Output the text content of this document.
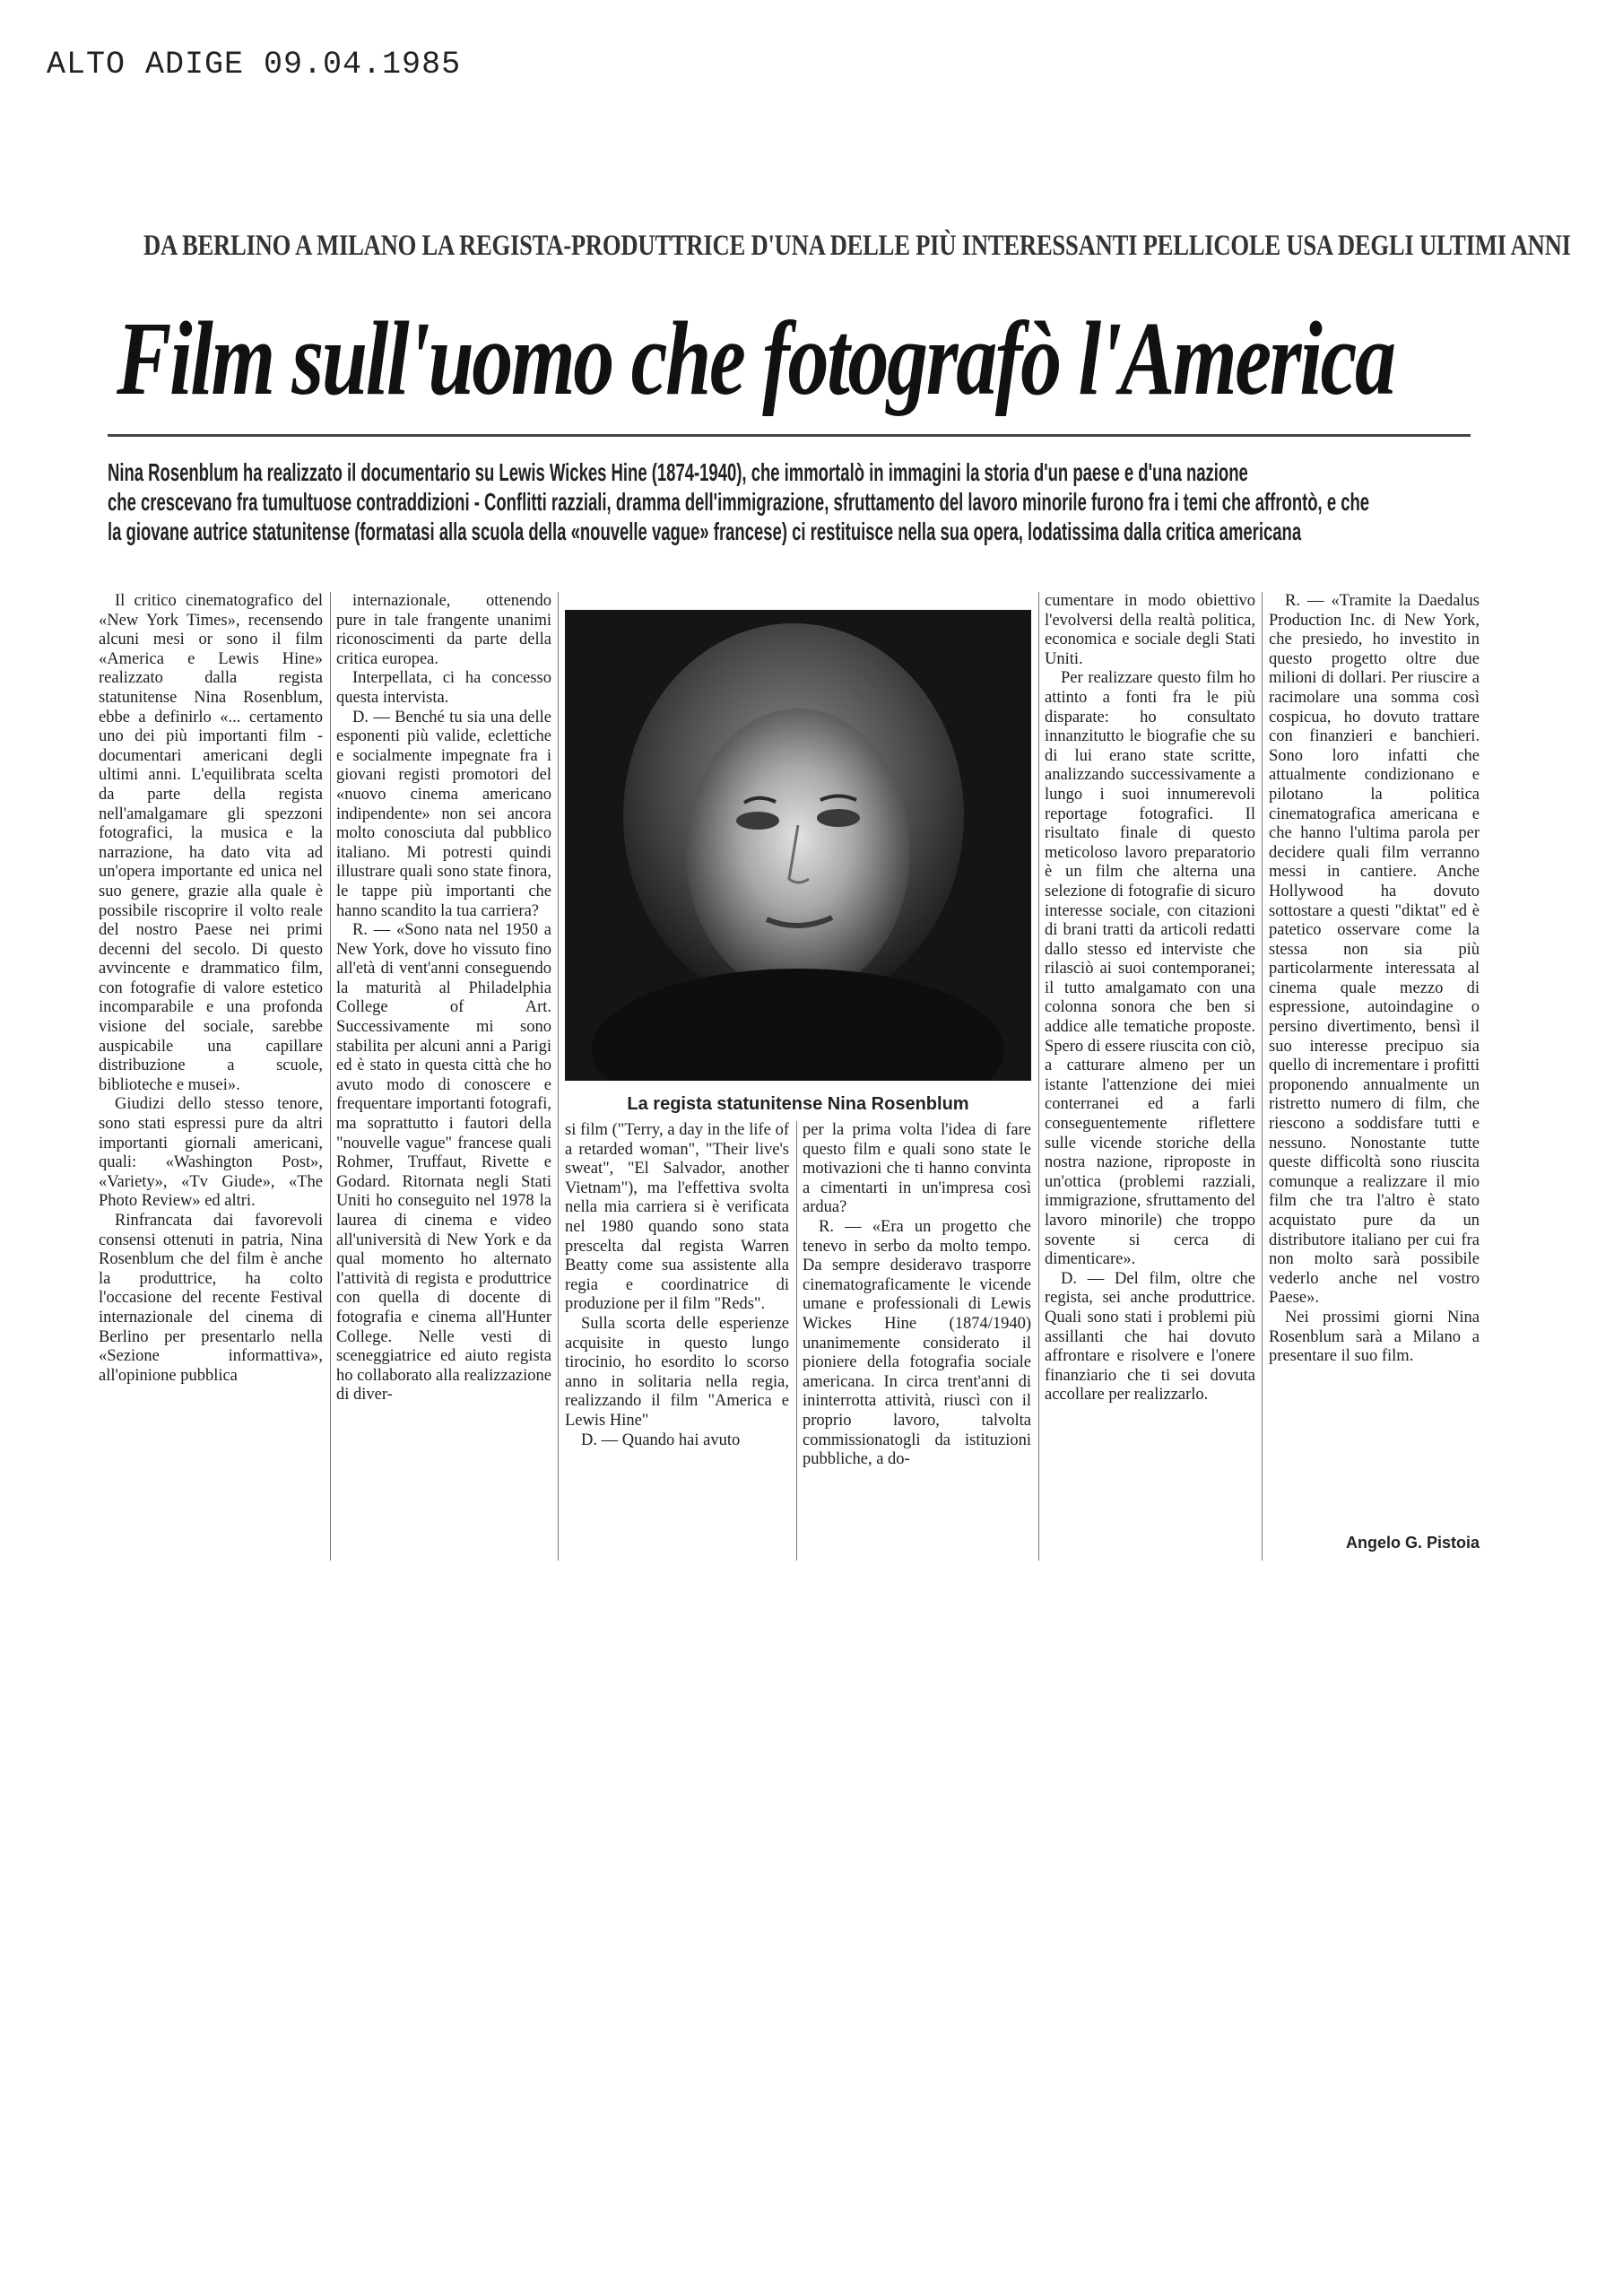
ALTO ADIGE 09.04.1985
DA BERLINO A MILANO LA REGISTA-PRODUTTRICE D'UNA DELLE PIÙ INTERESSANTI PELLICOLE USA DEGLI ULTIMI ANNI
Film sull'uomo che fotografò l'America
Nina Rosenblum ha realizzato il documentario su Lewis Wickes Hine (1874-1940), che immortalò in immagini la storia d'un paese e d'una nazione
che crescevano fra tumultuose contraddizioni - Conflitti razziali, dramma dell'immigrazione, sfruttamento del lavoro minorile furono fra i temi che affrontò, e che
la giovane autrice statunitense (formatasi alla scuola della «nouvelle vague» francese) ci restituisce nella sua opera, lodatissima dalla critica americana

Il critico cinematografico del «New York Times», recensendo alcuni mesi or sono il film «America e Lewis Hine» realizzato dalla regista statunitense Nina Rosenblum, ebbe a definirlo «... certamento uno dei più importanti film - documentari americani degli ultimi anni. L'equilibrata scelta da parte della regista nell'amalgamare gli spezzoni fotografici, la musica e la narrazione, ha dato vita ad un'opera importante ed unica nel suo genere, grazie alla quale è possibile riscoprire il volto reale del nostro Paese nei primi decenni del secolo. Di questo avvincente e drammatico film, con fotografie di valore estetico incomparabile e una profonda visione del sociale, sarebbe auspicabile una capillare distribuzione a scuole, biblioteche e musei».

Giudizi dello stesso tenore, sono stati espressi pure da altri importanti giornali americani, quali: «Washington Post», «Variety», «Tv Giude», «The Photo Review» ed altri.

Rinfrancata dai favorevoli consensi ottenuti in patria, Nina Rosenblum che del film è anche la produttrice, ha colto l'occasione del recente Festival internazionale del cinema di Berlino per presentarlo nella «Sezione informattiva», all'opinione pubblica

internazionale, ottenendo pure in tale frangente unanimi riconoscimenti da parte della critica europea.

Interpellata, ci ha concesso questa intervista.

D. — Benché tu sia una delle esponenti più valide, eclettiche e socialmente impegnate fra i giovani registi promotori del «nuovo cinema americano indipendente» non sei ancora molto conosciuta dal pubblico italiano. Mi potresti quindi illustrare quali sono state finora, le tappe più importanti che hanno scandito la tua carriera?

R. — «Sono nata nel 1950 a New York, dove ho vissuto fino all'età di vent'anni conseguendo la maturità al Philadelphia College of Art. Successivamente mi sono stabilita per alcuni anni a Parigi ed è stato in questa città che ho avuto modo di conoscere e frequentare importanti fotografi, ma soprattutto i fautori della "nouvelle vague" francese quali Rohmer, Truffaut, Rivette e Godard. Ritornata negli Stati Uniti ho conseguito nel 1978 la laurea di cinema e video all'università di New York e da qual momento ho alternato l'attività di regista e produttrice con quella di docente di fotografia e cinema all'Hunter College. Nelle vesti di sceneggiatrice ed aiuto regista ho collaborato alla realizzazione di diver-

La regista statunitense Nina Rosenblum

si film ("Terry, a day in the life of a retarded woman", "Their live's sweat", "El Salvador, another Vietnam"), ma l'effettiva svolta nella mia carriera si è verificata nel 1980 quando sono stata prescelta dal regista Warren Beatty come sua assistente alla regia e coordinatrice di produzione per il film "Reds".

Sulla scorta delle esperienze acquisite in questo lungo tirocinio, ho esordito lo scorso anno in solitaria nella regia, realizzando il film "America e Lewis Hine"

D. — Quando hai avuto

per la prima volta l'idea di fare questo film e quali sono state le motivazioni che ti hanno convinta a cimentarti in un'impresa così ardua?

R. — «Era un progetto che tenevo in serbo da molto tempo. Da sempre desideravo trasporre cinematograficamente le vicende umane e professionali di Lewis Wickes Hine (1874/1940) unanimemente considerato il pioniere della fotografia sociale americana. In circa trent'anni di ininterrotta attività, riuscì con il proprio lavoro, talvolta commissionatogli da istituzioni pubbliche, a do-

cumentare in modo obiettivo l'evolversi della realtà politica, economica e sociale degli Stati Uniti.

Per realizzare questo film ho attinto a fonti fra le più disparate: ho consultato innanzitutto le biografie che su di lui erano state scritte, analizzando successivamente a lungo i suoi innumerevoli reportage fotografici. Il risultato finale di questo meticoloso lavoro preparatorio è un film che alterna una selezione di fotografie di sicuro interesse sociale, con citazioni di brani tratti da articoli redatti dallo stesso ed interviste che rilasciò ai suoi contemporanei; il tutto amalgamato con una colonna sonora che ben si addice alle tematiche proposte. Spero di essere riuscita con ciò, a catturare almeno per un istante l'attenzione dei miei conterranei ed a farli conseguentemente riflettere sulle vicende storiche della nostra nazione, riproposte in un'ottica (problemi razziali, immigrazione, sfruttamento del lavoro minorile) che troppo sovente si cerca di dimenticare».

D. — Del film, oltre che regista, sei anche produttrice. Quali sono stati i problemi più assillanti che hai dovuto affrontare e risolvere e l'onere finanziario che ti sei dovuta accollare per realizzarlo.

R. — «Tramite la Daedalus Production Inc. di New York, che presiedo, ho investito in questo progetto oltre due milioni di dollari. Per riuscire a racimolare una somma così cospicua, ho dovuto trattare con finanzieri e banchieri. Sono loro infatti che attualmente condizionano e pilotano la politica cinematografica americana e che hanno l'ultima parola per decidere quali film verranno messi in cantiere. Anche Hollywood ha dovuto sottostare a questi "diktat" ed è patetico osservare come la stessa non sia più particolarmente interessata al cinema quale mezzo di espressione, autoindagine o persino divertimento, bensì il suo interesse precipuo sia quello di incrementare i profitti proponendo annualmente un ristretto numero di film, che riescono a soddisfare tutti e nessuno. Nonostante tutte queste difficoltà sono riuscita comunque a realizzare il mio film che tra l'altro è stato acquistato pure da un distributore italiano per cui fra non molto sarà possibile vederlo anche nel vostro Paese».

Nei prossimi giorni Nina Rosenblum sarà a Milano a presentare il suo film.

Angelo G. Pistoia
